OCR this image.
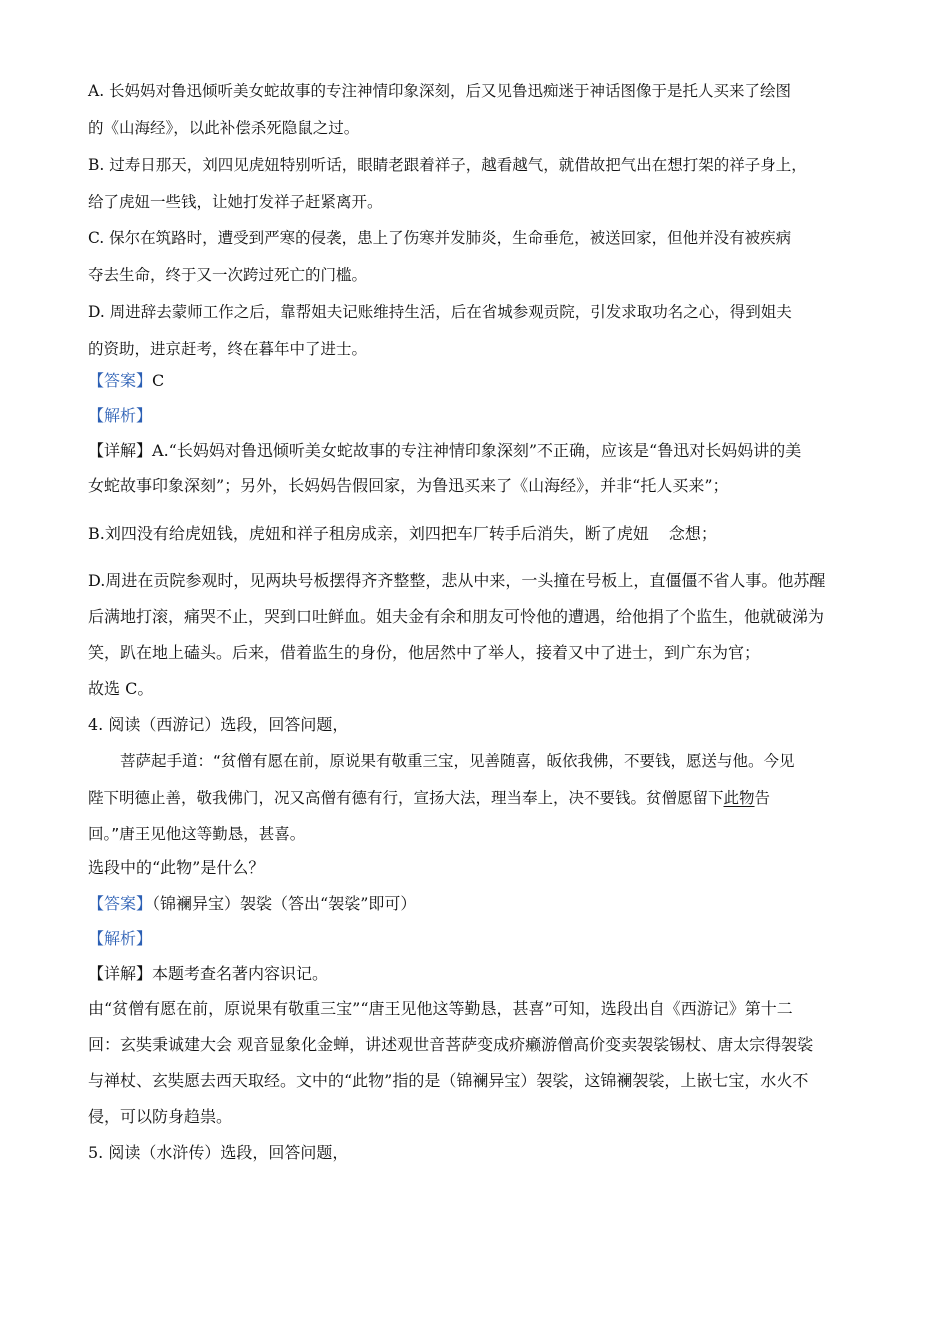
A. 长妈妈对鲁迅倾听美女蛇故事的专注神情印象深刻，后又见鲁迅痴迷于神话图像于是托人买来了绘图
的《山海经》，以此补偿杀死隐鼠之过。
B. 过寿日那天，刘四见虎妞特别听话，眼睛老跟着祥子，越看越气，就借故把气出在想打架的祥子身上，
给了虎妞一些钱，让她打发祥子赶紧离开。
C. 保尔在筑路时，遭受到严寒的侵袭，患上了伤寒并发肺炎，生命垂危，被送回家，但他并没有被疾病
夺去生命，终于又一次跨过死亡的门槛。
D. 周进辞去蒙师工作之后，靠帮姐夫记账维持生活，后在省城参观贡院，引发求取功名之心，得到姐夫
的资助，进京赶考，终在暮年中了进士。
【答案】C
【解析】
【详解】A.“长妈妈对鲁迅倾听美女蛇故事的专注神情印象深刻”不正确，应该是“鲁迅对长妈妈讲的美
女蛇故事印象深刻”；另外，长妈妈告假回家，为鲁迅买来了《山海经》，并非“托人买来”；
B.刘四没有给虎妞钱，虎妞和祥子租房成亲，刘四把车厂转手后消失，断了虎妞 念想；
D.周进在贡院参观时，见两块号板摆得齐齐整整，悲从中来，一头撞在号板上，直僵僵不省人事。他苏醒
后满地打滚，痛哭不止，哭到口吐鲜血。姐夫金有余和朋友可怜他的遭遇，给他捐了个监生，他就破涕为
笑，趴在地上磕头。后来，借着监生的身份，他居然中了举人，接着又中了进士，到广东为官；
故选 C。
4. 阅读（西游记）选段，回答问题，
菩萨起手道：“贫僧有愿在前，原说果有敬重三宝，见善随喜，皈依我佛，不要钱，愿送与他。今见
陛下明德止善，敬我佛门，况又高僧有德有行，宣扬大法，理当奉上，决不要钱。贫僧愿留下此物告
回。”唐王见他这等勤恳，甚喜。
选段中的“此物”是什么？
【答案】（锦襕异宝）袈裟（答出“袈裟”即可）
【解析】
【详解】本题考查名著内容识记。
由“贫僧有愿在前，原说果有敬重三宝”“唐王见他这等勤恳，甚喜”可知，选段出自《西游记》第十二
回：玄奘秉诚建大会 观音显象化金蝉，讲述观世音菩萨变成疥癞游僧高价变卖袈裟锡杖、唐太宗得袈裟
与禅杖、玄奘愿去西天取经。文中的“此物”指的是（锦襕异宝）袈裟，这锦襕袈裟，上嵌七宝，水火不
侵，可以防身趋祟。
5. 阅读（水浒传）选段，回答问题，
